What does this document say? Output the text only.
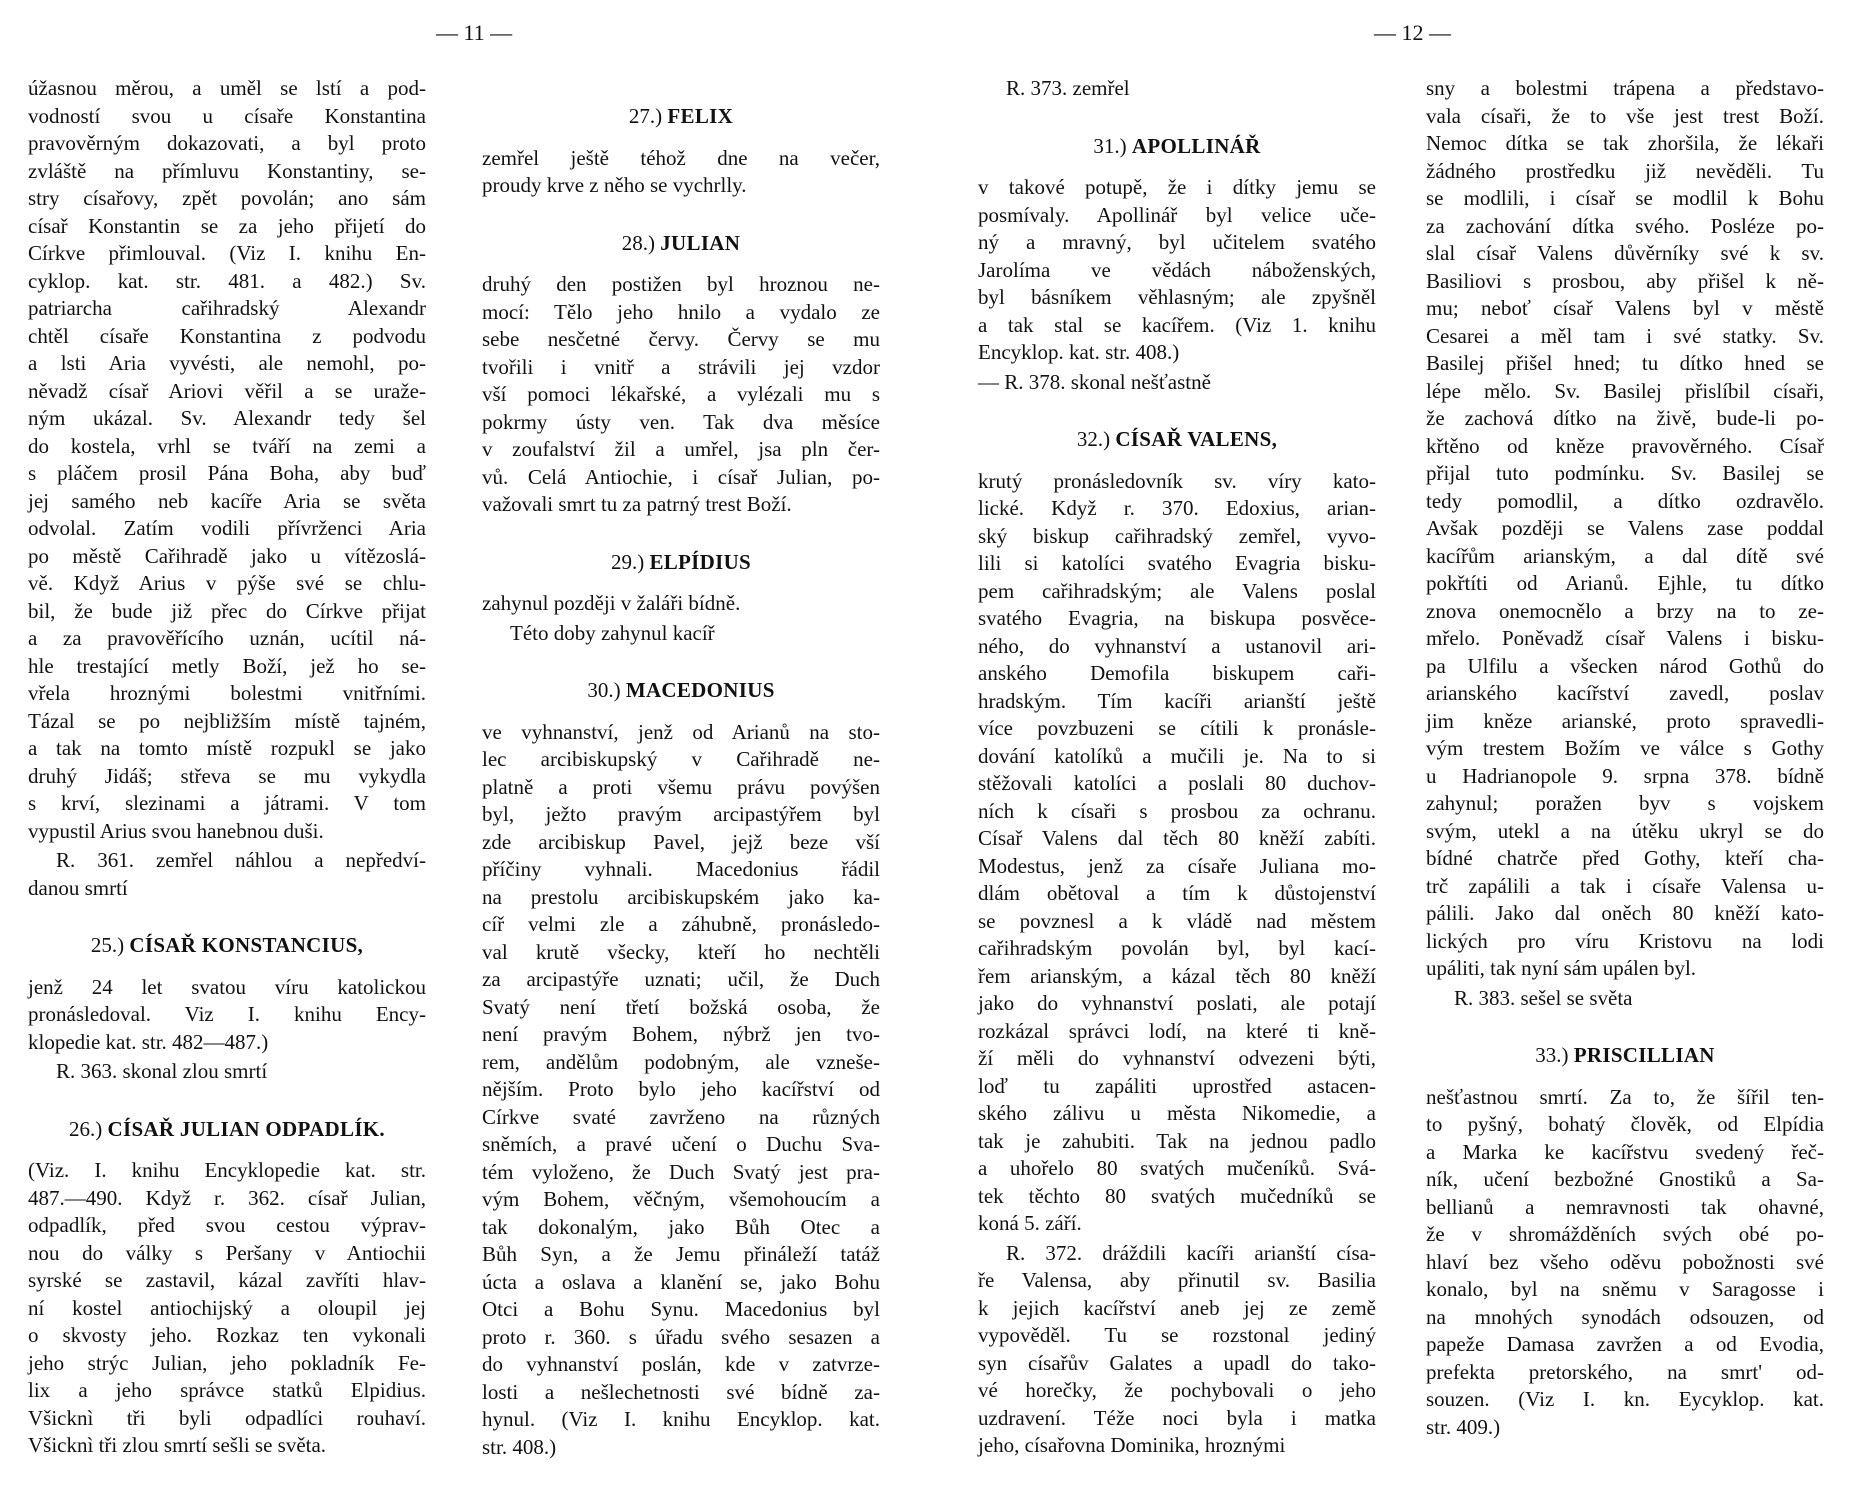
— 11 —	— 12 —
úžasnou měrou, a uměl se lstí a pod-
vodností svou u císaře Konstantina
pravověrným dokazovati, a byl proto
zvláště na přímluvu Konstantiny, se-
stry císařovy, zpět povolán; ano sám
císař Konstantin se za jeho přijetí do
Církve přimlouval. (Viz I. knihu En-
cyklop. kat. str. 481. a 482.) Sv.
patriarcha cařihradský Alexandr
chtěl císaře Konstantina z podvodu
a lsti Aria vyvésti, ale nemohl, po-
něvadž císař Ariovi věřil a se uraže-
ným ukázal. Sv. Alexandr tedy šel
do kostela, vrhl se tváří na zemi a
s pláčem prosil Pána Boha, aby buď
jej samého neb kacíře Aria se světa
odvolal. Zatím vodili přívrženci Aria
po městě Cařihradě jako u vítězoslá-
vě. Když Arius v pýše své se chlu-
bil, že bude již přec do Církve přijat
a za pravověřícího uznán, ucítil ná-
hle trestající metly Boží, jež ho se-
vřela hroznými bolestmi vnitřními.
Tázal se po nejbližším místě tajném,
a tak na tomto místě rozpukl se jako
druhý Jidáš; střeva se mu vykydla
s krví, slezinami a játrami. V tom
vypustil Arius svou hanebnou duši.
R. 361. zemřel náhlou a nepředví-
danou smrtí
25.) CÍSAŘ KONSTANCIUS,
jenž 24 let svatou víru katolickou
pronásledoval. Viz I. knihu Ency-
klopedie kat. str. 482—487.)
R. 363. skonal zlou smrtí
26.) CÍSAŘ JULIAN ODPADLÍK.
(Viz. I. knihu Encyklopedie kat. str.
487.—490. Když r. 362. císař Julian,
odpadlík, před svou cestou výprav-
nou do války s Peršany v Antiochii
syrské se zastavil, kázal zavříti hlav-
ní kostel antiochijský a oloupil jej
o skvosty jeho. Rozkaz ten vykonali
jeho strýc Julian, jeho pokladník Fe-
lix a jeho správce statků Elpidius.
Všicknì tři byli odpadlíci rouhaví.
Všicknì tři zlou smrtí sešli se světa.
27.) FELIX
zemřel ještě téhož dne na večer,
proudy krve z něho se vychrlly.
28.) JULIAN
druhý den postižen byl hroznou ne-
mocí: Tělo jeho hnilo a vydalo ze
sebe nesčetné červy. Červy se mu
tvořili i vnitř a strávili jej vzdor
vší pomoci lékařské, a vylézali mu s
pokrmy ústy ven. Tak dva měsíce
v zoufalství žil a umřel, jsa pln čer-
vů. Celá Antiochie, i císař Julian, po-
važovali smrt tu za patrný trest Boží.
29.) ELPÍDIUS
zahynul později v žaláři bídně.
Této doby zahynul kacíř
30.) MACEDONIUS
ve vyhnanství, jenž od Arianů na sto-
lec arcibiskupský v Cařihradě ne-
platně a proti všemu právu povýšen
byl, ježto pravým arcipastýřem byl
zde arcibiskup Pavel, jejž beze vší
příčiny vyhnali. Macedonius řádil
na prestolu arcibiskupském jako ka-
cíř velmi zle a záhubně, pronásledo-
val krutě všecky, kteří ho nechtěli
za arcipastýře uznati; učil, že Duch
Svatý není třetí božská osoba, že
není pravým Bohem, nýbrž jen tvo-
rem, andělům podobným, ale vzneše-
nějším. Proto bylo jeho kacířství od
Církve svaté zavrženo na různých
sněmích, a pravé učení o Duchu Sva-
tém vyloženo, že Duch Svatý jest pra-
vým Bohem, věčným, všemohoucím a
tak dokonalým, jako Bůh Otec a
Bůh Syn, a že Jemu přináleží tatáž
úcta a oslava a klanění se, jako Bohu
Otci a Bohu Synu. Macedonius byl
proto r. 360. s úřadu svého sesazen a
do vyhnanství poslán, kde v zatvrze-
losti a nešlechetnosti své bídně za-
hynul. (Viz I. knihu Encyklop. kat.
str. 408.)
R. 373. zemřel
31.) APOLLINÁŘ
v takové potupě, že i dítky jemu se
posmívaly. Apollinář byl velice uče-
ný a mravný, byl učitelem svatého
Jarolíma ve vědách náboženských,
byl básníkem věhlasným; ale zpyšněl
a tak stal se kacířem. (Viz 1. knihu
Encyklop. kat. str. 408.)
— R. 378. skonal nešťastně
32.) CÍSAŘ VALENS,
krutý pronásledovník sv. víry kato-
lické. Když r. 370. Edoxius, arian-
ský biskup cařihradský zemřel, vyvo-
lili si katolíci svatého Evagria bisku-
pem cařihradským; ale Valens poslal
svatého Evagria, na biskupa posvěce-
ného, do vyhnanství a ustanovil ari-
anského Demofila biskupem caři-
hradským. Tím kacíři arianští ještě
více povzbuzeni se cítili k pronásle-
dování katolíků a mučili je. Na to si
stěžovali katolíci a poslali 80 duchov-
ních k císaři s prosbou za ochranu.
Císař Valens dal těch 80 kněží zabíti.
Modestus, jenž za císaře Juliana mo-
dlám obětoval a tím k důstojenství
se povznesl a k vládě nad městem
cařihradským povolán byl, byl kací-
řem arianským, a kázal těch 80 kněží
jako do vyhnanství poslati, ale potají
rozkázal správci lodí, na které ti kně-
ží měli do vyhnanství odvezeni býti,
loď tu zapáliti uprostřed astacen-
ského zálivu u města Nikomedie, a
tak je zahubiti. Tak na jednou padlo
a uhořelo 80 svatých mučeníků. Svá-
tek těchto 80 svatých mučedníků se
koná 5. září.
R. 372. dráždili kacíři arianští císa-
ře Valensa, aby přinutil sv. Basilia
k jejich kacířství aneb jej ze země
vypověděl. Tu se rozstonal jediný
syn císařův Galates a upadl do tako-
vé horečky, že pochybovali o jeho
uzdravení. Téže noci byla i matka
jeho, císařovna Dominika, hroznými
sny a bolestmi trápena a představo-
vala císaři, že to vše jest trest Boží.
Nemoc dítka se tak zhoršila, že lékaři
žádného prostředku již nevěděli. Tu
se modlili, i císař se modlil k Bohu
za zachování dítka svého. Posléze po-
slal císař Valens důvěrníky své k sv.
Basiliovi s prosbou, aby přišel k ně-
mu; neboť císař Valens byl v městě
Cesarei a měl tam i své statky. Sv.
Basilej přišel hned; tu dítko hned se
lépe mělo. Sv. Basilej přislíbil císaři,
že zachová dítko na živě, bude-li po-
křtěno od kněze pravověrného. Císař
přijal tuto podmínku. Sv. Basilej se
tedy pomodlil, a dítko ozdravělo.
Avšak později se Valens zase poddal
kacířům arianským, a dal dítě své
pokřtíti od Arianů. Ejhle, tu dítko
znova onemocnělo a brzy na to ze-
mřelo. Poněvadž císař Valens i bisku-
pa Ulfilu a všecken národ Gothů do
arianského kacířství zavedl, poslav
jim kněze arianské, proto spravedli-
vým trestem Božím ve válce s Gothy
u Hadrianopole 9. srpna 378. bídně
zahynul; poražen byv s vojskem
svým, utekl a na útěku ukryl se do
bídné chatrče před Gothy, kteří cha-
trč zapálili a tak i císaře Valensa u-
pálili. Jako dal oněch 80 kněží kato-
lických pro víru Kristovu na lodi
upáliti, tak nyní sám upálen byl.
R. 383. sešel se světa
33.) PRISCILLIAN
nešťastnou smrtí. Za to, že šířil ten-
to pyšný, bohatý člověk, od Elpídia
a Marka ke kacířstvu svedený řeč-
ník, učení bezbožné Gnostiků a Sa-
bellianů a nemravnosti tak ohavné,
že v shromážděních svých obé po-
hlaví bez všeho oděvu pobožnosti své
konalo, byl na sněmu v Saragosse i
na mnohých synodách odsouzen, od
papeže Damasa zavržen a od Evodia,
prefekta pretorského, na smrt' od-
souzen. (Viz I. kn. Eycyklop. kat.
str. 409.)
